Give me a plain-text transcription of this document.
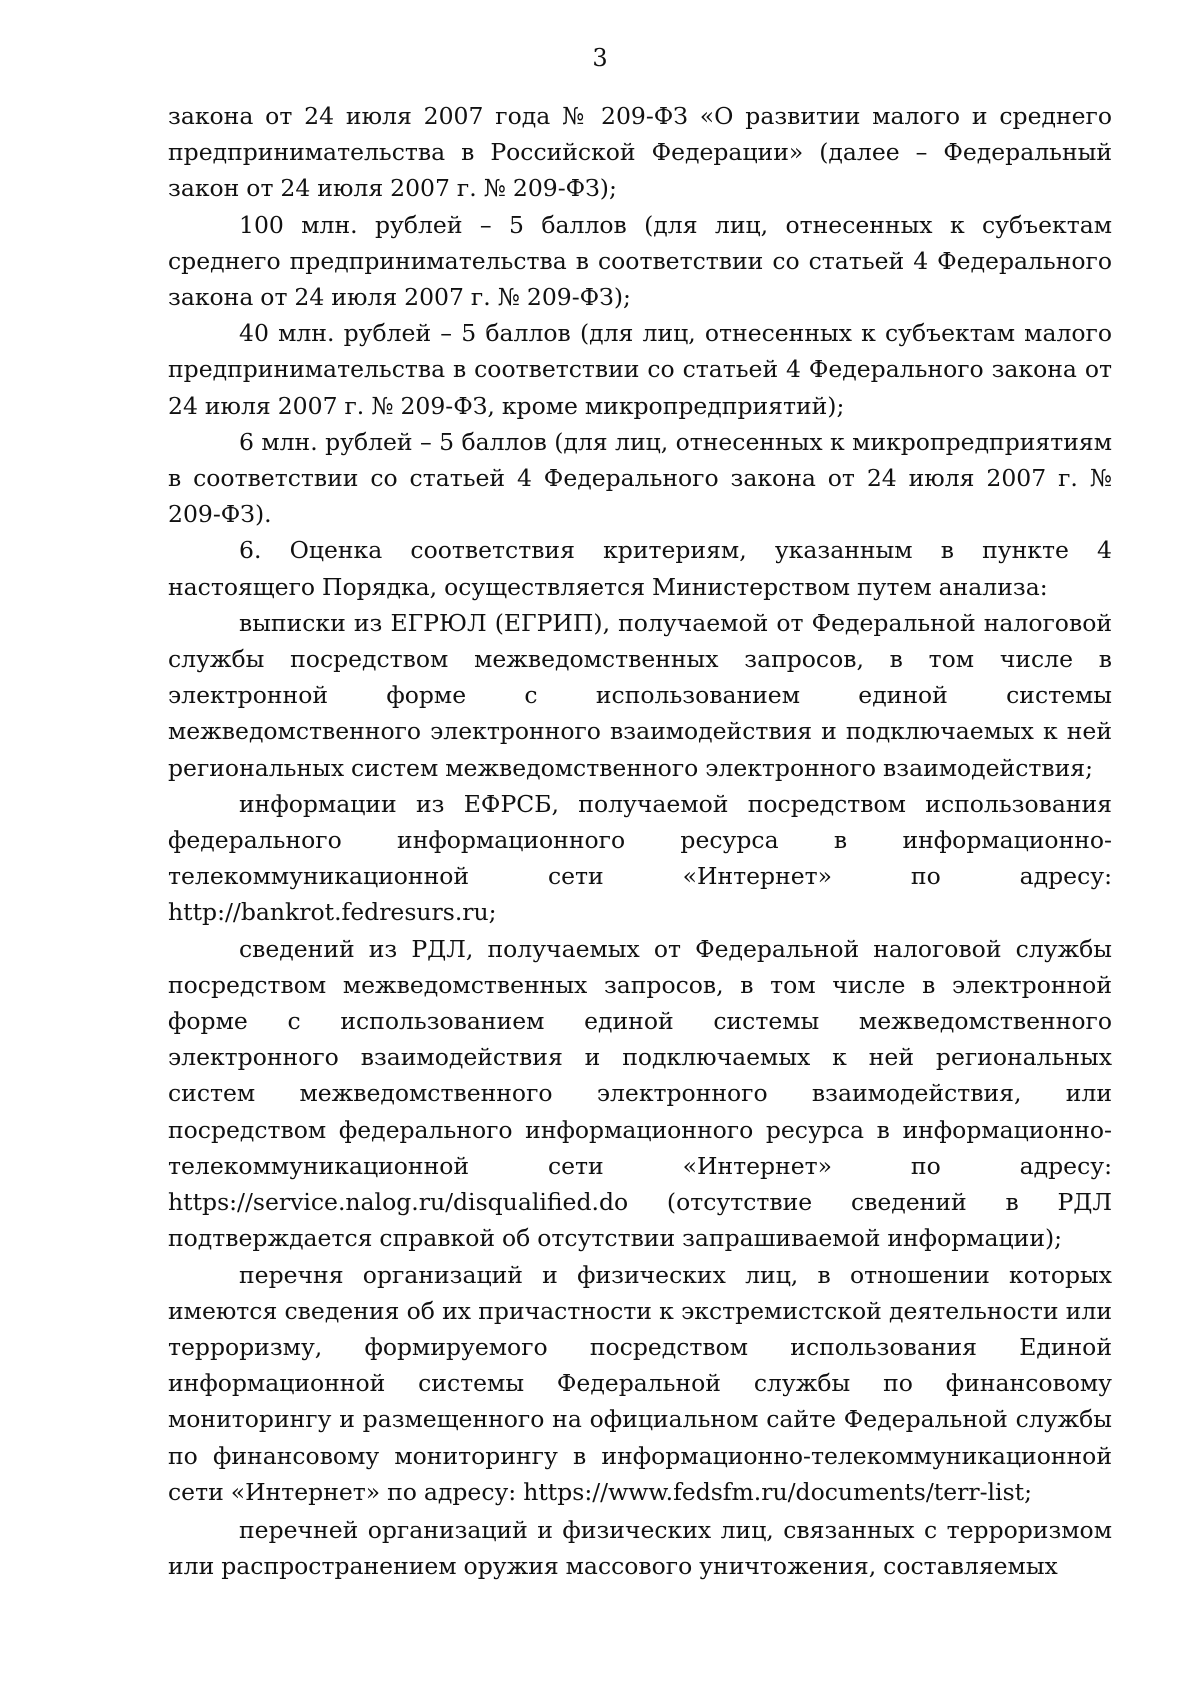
3

закона от 24 июля 2007 года № 209-ФЗ «О развитии малого и среднего предпринимательства в Российской Федерации» (далее – Федеральный закон от 24 июля 2007 г. № 209-ФЗ);

100 млн. рублей – 5 баллов (для лиц, отнесенных к субъектам среднего предпринимательства в соответствии со статьей 4 Федерального закона от 24 июля 2007 г. № 209-ФЗ);

40 млн. рублей – 5 баллов (для лиц, отнесенных к субъектам малого предпринимательства в соответствии со статьей 4 Федерального закона от 24 июля 2007 г. № 209-ФЗ, кроме микропредприятий);

6 млн. рублей – 5 баллов (для лиц, отнесенных к микропредприятиям в соответствии со статьей 4 Федерального закона от 24 июля 2007 г. № 209-ФЗ).

6. Оценка соответствия критериям, указанным в пункте 4 настоящего Порядка, осуществляется Министерством путем анализа:

выписки из ЕГРЮЛ (ЕГРИП), получаемой от Федеральной налоговой службы посредством межведомственных запросов, в том числе в электронной форме с использованием единой системы межведомственного электронного взаимодействия и подключаемых к ней региональных систем межведомственного электронного взаимодействия;

информации из ЕФРСБ, получаемой посредством использования федерального информационного ресурса в информационно-телекоммуникационной сети «Интернет» по адресу: http://bankrot.fedresurs.ru;

сведений из РДЛ, получаемых от Федеральной налоговой службы посредством межведомственных запросов, в том числе в электронной форме с использованием единой системы межведомственного электронного взаимодействия и подключаемых к ней региональных систем межведомственного электронного взаимодействия, или посредством федерального информационного ресурса в информационно-телекоммуникационной сети «Интернет» по адресу: https://service.nalog.ru/disqualified.do (отсутствие сведений в РДЛ подтверждается справкой об отсутствии запрашиваемой информации);

перечня организаций и физических лиц, в отношении которых имеются сведения об их причастности к экстремистской деятельности или терроризму, формируемого посредством использования Единой информационной системы Федеральной службы по финансовому мониторингу и размещенного на официальном сайте Федеральной службы по финансовому мониторингу в информационно-телекоммуникационной сети «Интернет» по адресу: https://www.fedsfm.ru/documents/terr-list;

перечней организаций и физических лиц, связанных с терроризмом или распространением оружия массового уничтожения, составляемых
